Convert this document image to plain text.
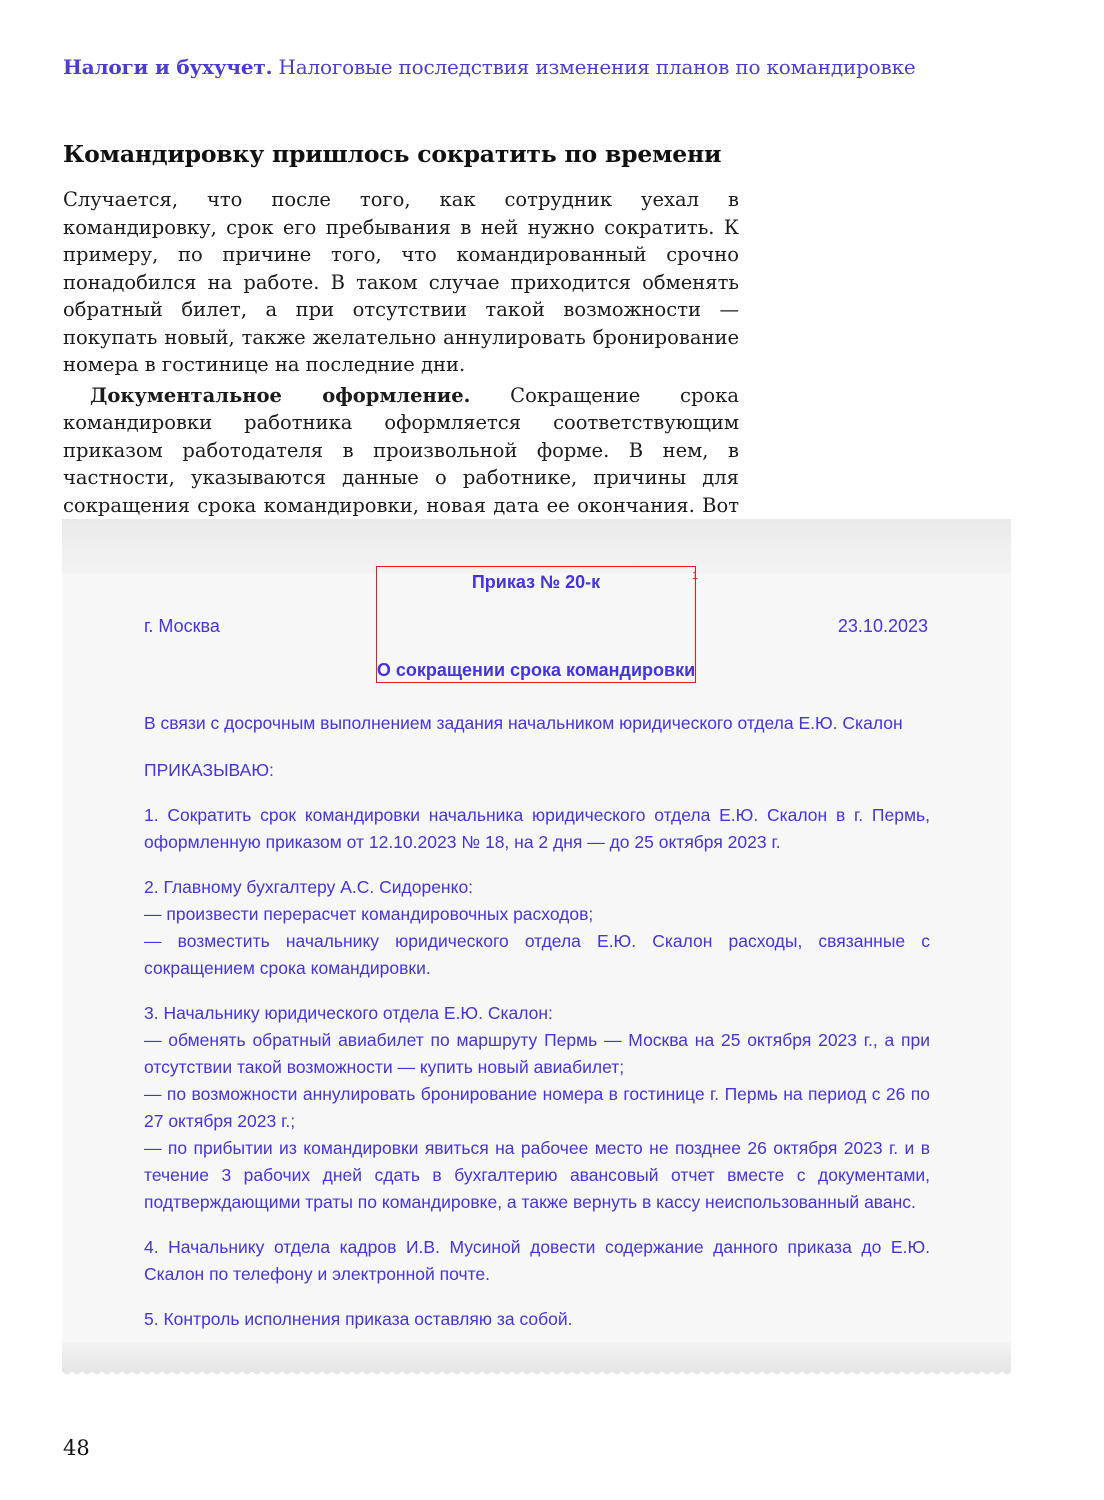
Налоги и бухучет. Налоговые последствия изменения планов по командировке
Командировку пришлось сократить по времени

Случается, что после того, как сотрудник уехал в командировку, срок его пребывания в ней нужно сократить. К примеру, по причине того, что командированный срочно понадобился на работе. В таком случае приходится обменять обратный билет, а при отсутствии такой возможности — покупать новый, также желательно аннулировать бронирование номера в гостинице на последние дни.

Документальное оформление. Сокращение срока командировки работника оформляется соответствующим приказом работодателя в произвольной форме. В нем, в частности, указываются данные о работнике, причины для сокращения срока командировки, новая дата ее окончания. Вот

1
Приказ № 20-к
г. Москва	23.10.2023
О сокращении срока командировки

В связи с досрочным выполнением задания начальником юридического отдела Е.Ю. Скалон

ПРИКАЗЫВАЮ:

1. Сократить срок командировки начальника юридического отдела Е.Ю. Скалон в г. Пермь, оформленную приказом от 12.10.2023 № 18, на 2 дня — до 25 октября 2023 г.

2. Главному бухгалтеру А.С. Сидоренко:
— произвести перерасчет командировочных расходов;
— возместить начальнику юридического отдела Е.Ю. Скалон расходы, связанные с сокращением срока командировки.

3. Начальнику юридического отдела Е.Ю. Скалон:
— обменять обратный авиабилет по маршруту Пермь — Москва на 25 октября 2023 г., а при отсутствии такой возможности — купить новый авиабилет;
— по возможности аннулировать бронирование номера в гостинице г. Пермь на период с 26 по 27 октября 2023 г.;
— по прибытии из командировки явиться на рабочее место не позднее 26 октября 2023 г. и в течение 3 рабочих дней сдать в бухгалтерию авансовый отчет вместе с документами, подтверждающими траты по командировке, а также вернуть в кассу неиспользованный аванс.

4. Начальнику отдела кадров И.В. Мусиной довести содержание данного приказа до Е.Ю. Скалон по телефону и электронной почте.

5. Контроль исполнения приказа оставляю за собой.

48
